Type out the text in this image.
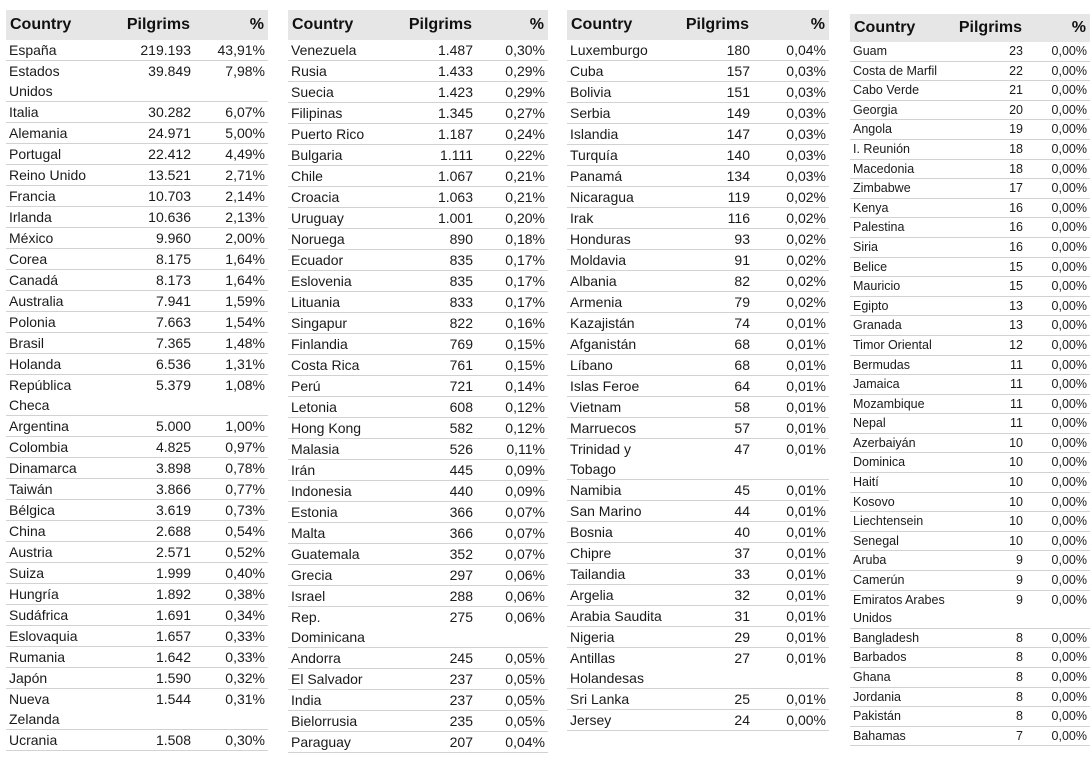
Country	Pilgrims	%
España	219.193	43,91%
Estados Unidos	39.849	7,98%
Italia	30.282	6,07%
Alemania	24.971	5,00%
Portugal	22.412	4,49%
Reino Unido	13.521	2,71%
Francia	10.703	2,14%
Irlanda	10.636	2,13%
México	9.960	2,00%
Corea	8.175	1,64%
Canadá	8.173	1,64%
Australia	7.941	1,59%
Polonia	7.663	1,54%
Brasil	7.365	1,48%
Holanda	6.536	1,31%
República Checa	5.379	1,08%
Argentina	5.000	1,00%
Colombia	4.825	0,97%
Dinamarca	3.898	0,78%
Taiwán	3.866	0,77%
Bélgica	3.619	0,73%
China	2.688	0,54%
Austria	2.571	0,52%
Suiza	1.999	0,40%
Hungría	1.892	0,38%
Sudáfrica	1.691	0,34%
Eslovaquia	1.657	0,33%
Rumania	1.642	0,33%
Japón	1.590	0,32%
Nueva Zelanda	1.544	0,31%
Ucrania	1.508	0,30%
Country	Pilgrims	%
Venezuela	1.487	0,30%
Rusia	1.433	0,29%
Suecia	1.423	0,29%
Filipinas	1.345	0,27%
Puerto Rico	1.187	0,24%
Bulgaria	1.111	0,22%
Chile	1.067	0,21%
Croacia	1.063	0,21%
Uruguay	1.001	0,20%
Noruega	890	0,18%
Ecuador	835	0,17%
Eslovenia	835	0,17%
Lituania	833	0,17%
Singapur	822	0,16%
Finlandia	769	0,15%
Costa Rica	761	0,15%
Perú	721	0,14%
Letonia	608	0,12%
Hong Kong	582	0,12%
Malasia	526	0,11%
Irán	445	0,09%
Indonesia	440	0,09%
Estonia	366	0,07%
Malta	366	0,07%
Guatemala	352	0,07%
Grecia	297	0,06%
Israel	288	0,06%
Rep. Dominicana	275	0,06%
Andorra	245	0,05%
El Salvador	237	0,05%
India	237	0,05%
Bielorrusia	235	0,05%
Paraguay	207	0,04%
Country	Pilgrims	%
Luxemburgo	180	0,04%
Cuba	157	0,03%
Bolivia	151	0,03%
Serbia	149	0,03%
Islandia	147	0,03%
Turquía	140	0,03%
Panamá	134	0,03%
Nicaragua	119	0,02%
Irak	116	0,02%
Honduras	93	0,02%
Moldavia	91	0,02%
Albania	82	0,02%
Armenia	79	0,02%
Kazajistán	74	0,01%
Afganistán	68	0,01%
Líbano	68	0,01%
Islas Feroe	64	0,01%
Vietnam	58	0,01%
Marruecos	57	0,01%
Trinidad y Tobago	47	0,01%
Namibia	45	0,01%
San Marino	44	0,01%
Bosnia	40	0,01%
Chipre	37	0,01%
Tailandia	33	0,01%
Argelia	32	0,01%
Arabia Saudita	31	0,01%
Nigeria	29	0,01%
Antillas Holandesas	27	0,01%
Sri Lanka	25	0,01%
Jersey	24	0,00%
Country	Pilgrims	%
Guam	23	0,00%
Costa de Marfil	22	0,00%
Cabo Verde	21	0,00%
Georgia	20	0,00%
Angola	19	0,00%
I. Reunión	18	0,00%
Macedonia	18	0,00%
Zimbabwe	17	0,00%
Kenya	16	0,00%
Palestina	16	0,00%
Siria	16	0,00%
Belice	15	0,00%
Mauricio	15	0,00%
Egipto	13	0,00%
Granada	13	0,00%
Timor Oriental	12	0,00%
Bermudas	11	0,00%
Jamaica	11	0,00%
Mozambique	11	0,00%
Nepal	11	0,00%
Azerbaiyán	10	0,00%
Dominica	10	0,00%
Haití	10	0,00%
Kosovo	10	0,00%
Liechtensein	10	0,00%
Senegal	10	0,00%
Aruba	9	0,00%
Camerún	9	0,00%
Emiratos Arabes Unidos	9	0,00%
Bangladesh	8	0,00%
Barbados	8	0,00%
Ghana	8	0,00%
Jordania	8	0,00%
Pakistán	8	0,00%
Bahamas	7	0,00%
